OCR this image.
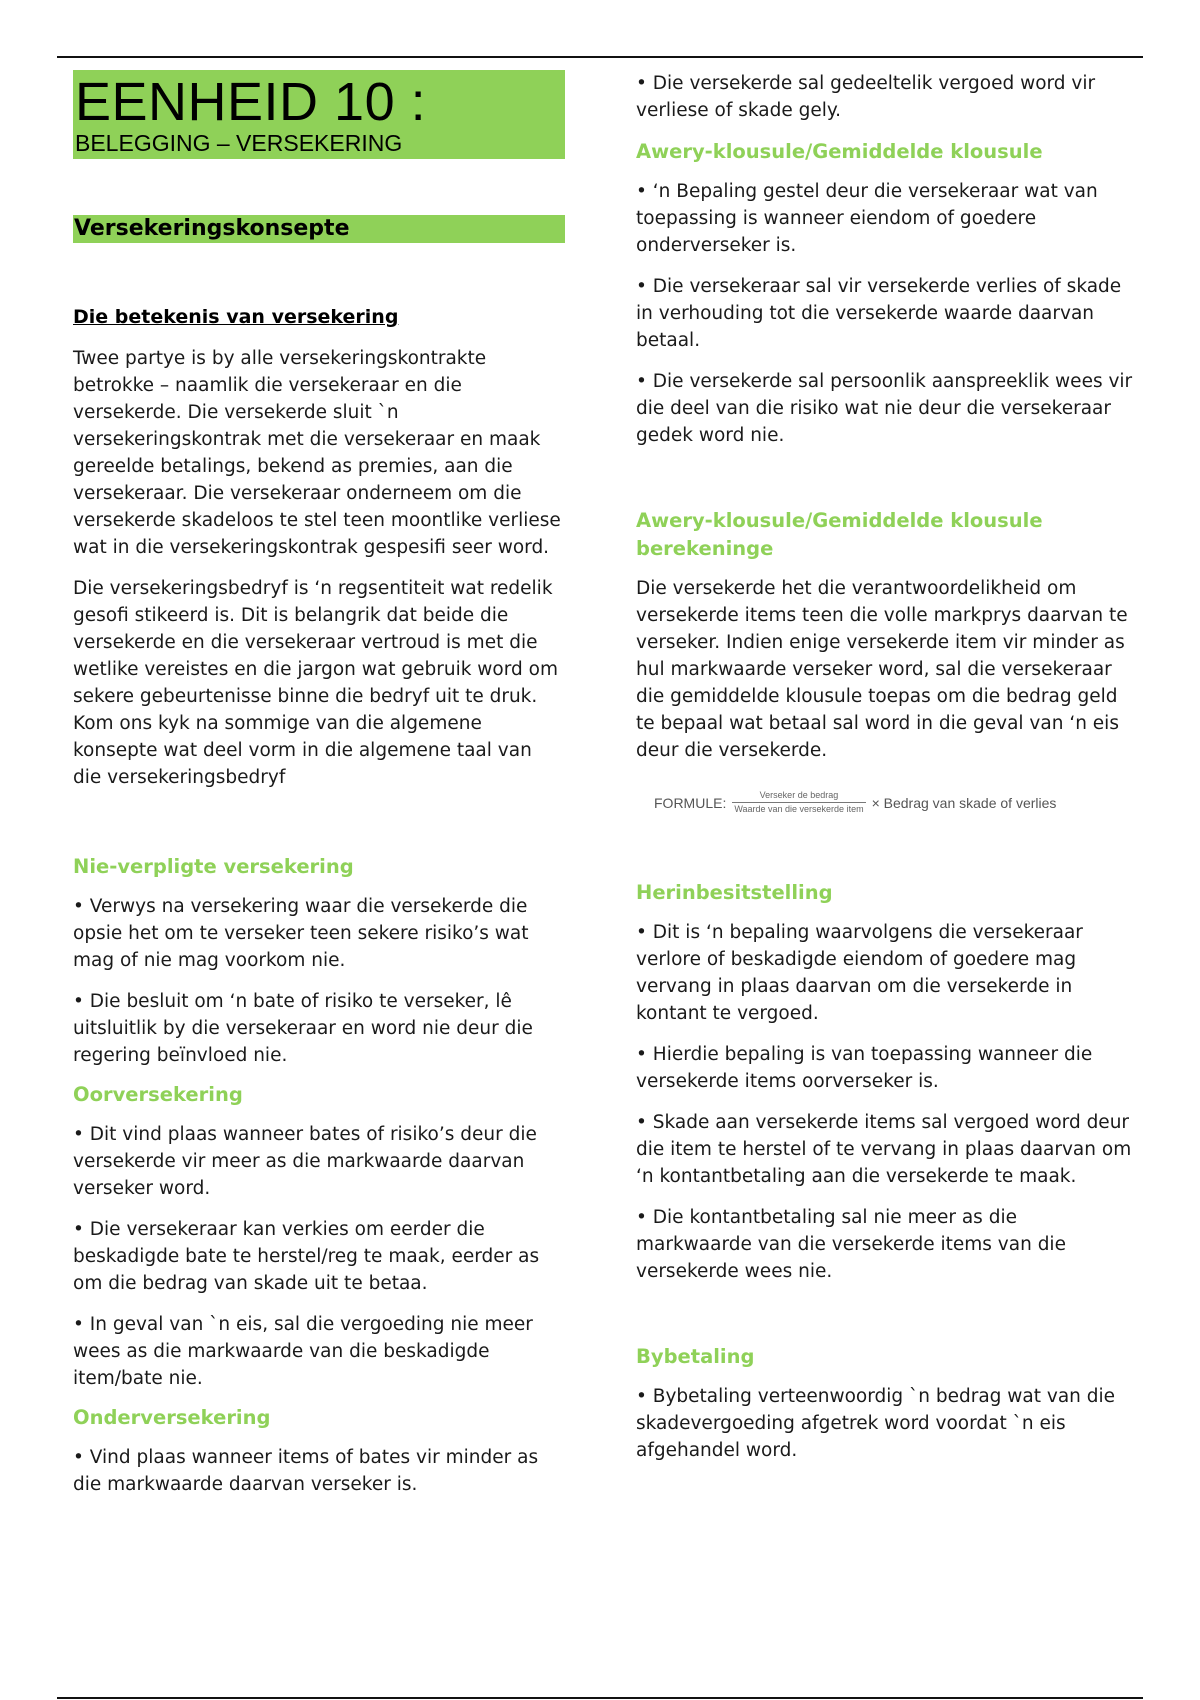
EENHEID 10 :
BELEGGING – VERSEKERING
Versekeringskonsepte
Die betekenis van versekering

Twee partye is by alle versekeringskontrakte betrokke – naamlik die versekeraar en die versekerde. Die versekerde sluit `n versekeringskontrak met die versekeraar en maak gereelde betalings, bekend as premies, aan die versekeraar. Die versekeraar onderneem om die versekerde skadeloos te stel teen moontlike verliese wat in die versekeringskontrak gespesifi seer word.

Die versekeringsbedryf is ‘n regsentiteit wat redelik gesofi stikeerd is. Dit is belangrik dat beide die versekerde en die versekeraar vertroud is met die wetlike vereistes en die jargon wat gebruik word om sekere gebeurtenisse binne die bedryf uit te druk. Kom ons kyk na sommige van die algemene konsepte wat deel vorm in die algemene taal van die versekeringsbedryf

Nie-verpligte versekering

• Verwys na versekering waar die versekerde die opsie het om te verseker teen sekere risiko’s wat mag of nie mag voorkom nie.

• Die besluit om ‘n bate of risiko te verseker, lê uitsluitlik by die versekeraar en word nie deur die regering beïnvloed nie.

Oorversekering

• Dit vind plaas wanneer bates of risiko’s deur die versekerde vir meer as die markwaarde daarvan verseker word.

• Die versekeraar kan verkies om eerder die beskadigde bate te herstel/reg te maak, eerder as om die bedrag van skade uit te betaa.

• In geval van `n eis, sal die vergoeding nie meer wees as die markwaarde van die beskadigde item/bate nie.

Onderversekering

• Vind plaas wanneer items of bates vir minder as die markwaarde daarvan verseker is.

• Die versekerde sal gedeeltelik vergoed word vir verliese of skade gely.

Awery-klousule/Gemiddelde klousule

• ‘n Bepaling gestel deur die versekeraar wat van toepassing is wanneer eiendom of goedere onderverseker is.

• Die versekeraar sal vir versekerde verlies of skade in verhouding tot die versekerde waarde daarvan betaal.

• Die versekerde sal persoonlik aanspreeklik wees vir die deel van die risiko wat nie deur die versekeraar gedek word nie.

Awery-klousule/Gemiddelde klousule berekeninge

Die versekerde het die verantwoordelikheid om versekerde items teen die volle markprys daarvan te verseker. Indien enige versekerde item vir minder as hul markwaarde verseker word, sal die versekeraar die gemiddelde klousule toepas om die bedrag geld te bepaal wat betaal sal word in die geval van ‘n eis deur die versekerde.

FORMULE: $\frac{\text{Verseker de bedrag}}{\text{Waarde van die versekerde item}}$ × Bedrag van skade of verlies
Herinbesitstelling

• Dit is ‘n bepaling waarvolgens die versekeraar verlore of beskadigde eiendom of goedere mag vervang in plaas daarvan om die versekerde in kontant te vergoed.

• Hierdie bepaling is van toepassing wanneer die versekerde items oorverseker is.

• Skade aan versekerde items sal vergoed word deur die item te herstel of te vervang in plaas daarvan om ‘n kontantbetaling aan die versekerde te maak.

• Die kontantbetaling sal nie meer as die markwaarde van die versekerde items van die versekerde wees nie.

Bybetaling

• Bybetaling verteenwoordig `n bedrag wat van die skadevergoeding afgetrek word voordat `n eis afgehandel word.
